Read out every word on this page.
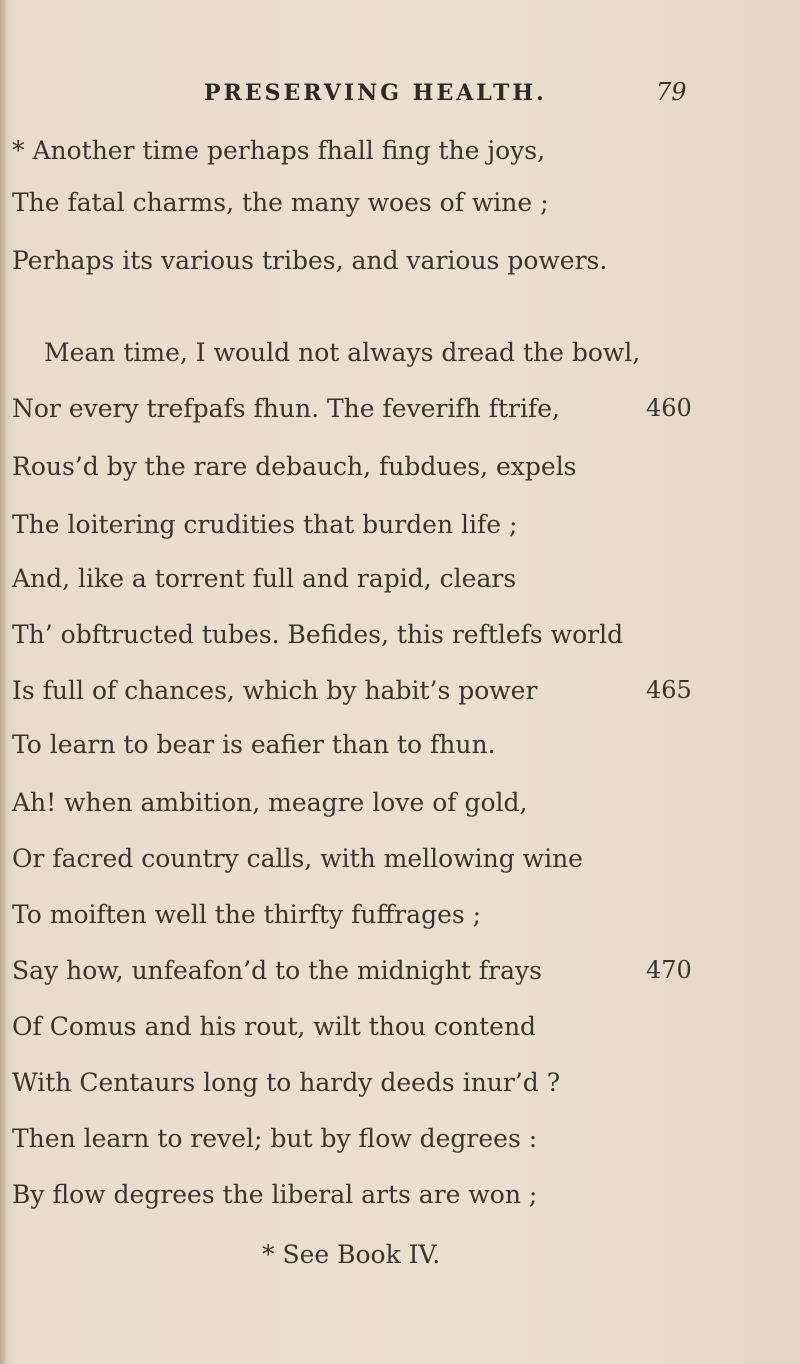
PRESERVING HEALTH.	79
* Another time perhaps fhall fing the joys,
The fatal charms, the many woes of wine ;
Perhaps its various tribes, and various powers.
Mean time, I would not always dread the bowl,
Nor every trefpafs fhun. The feverifh ftrife,	460
Rous’d by the rare debauch, fubdues, expels
The loitering crudities that burden life ;
And, like a torrent full and rapid, clears
Th’ obftructed tubes. Befides, this reftlefs world
Is full of chances, which by habit’s power	465
To learn to bear is eafier than to fhun.
Ah! when ambition, meagre love of gold,
Or facred country calls, with mellowing wine
To moiften well the thirfty fuffrages ;
Say how, unfeafon’d to the midnight frays	470
Of Comus and his rout, wilt thou contend
With Centaurs long to hardy deeds inur’d ?
Then learn to revel; but by flow degrees :
By flow degrees the liberal arts are won ;
* See Book IV.
